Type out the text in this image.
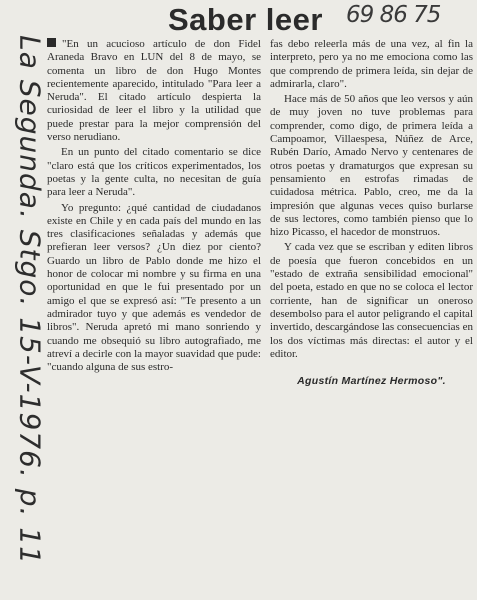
Saber leer 69 86 75
La Segunda. Stgo. 15-V-1976. p. 11	"En un acucioso artículo de don Fidel Araneda Bravo en LUN del 8 de mayo, se comenta un libro de don Hugo Montes recientemente aparecido, intitulado "Para leer a Neruda". El citado artículo despierta la curiosidad de leer el libro y la utilidad que puede prestar para la mejor comprensión del verso nerudiano.

En un punto del citado comentario se dice "claro está que los críticos experimentados, los poetas y la gente culta, no necesitan de guía para leer a Neruda".

Yo pregunto: ¿qué cantidad de ciudadanos existe en Chile y en cada país del mundo en las tres clasificaciones señaladas y además que prefieran leer versos? ¿Un diez por ciento? Guardo un libro de Pablo donde me hizo el honor de colocar mi nombre y su firma en una oportunidad en que le fui presentado por un amigo el que se expresó así: "Te presento a un admirador tuyo y que además es vendedor de libros". Neruda apretó mi mano sonriendo y cuando me obsequió su libro autografiado, me atreví a decirle con la mayor suavidad que pude: "cuando alguna de sus estro-

fas debo releerla más de una vez, al fin la interpreto, pero ya no me emociona como las que comprendo de primera leída, sin dejar de admirarla, claro".

Hace más de 50 años que leo versos y aún de muy joven no tuve problemas para comprender, como digo, de primera leída a Campoamor, Villaespesa, Núñez de Arce, Rubén Darío, Amado Nervo y centenares de otros poetas y dramaturgos que expresan su pensamiento en estrofas rimadas de cuidadosa métrica. Pablo, creo, me da la impresión que algunas veces quiso burlarse de sus lectores, como también pienso que lo hizo Picasso, el hacedor de monstruos.

Y cada vez que se escriban y editen libros de poesía que fueron concebidos en un "estado de extraña sensibilidad emocional" del poeta, estado en que no se coloca el lector corriente, han de significar un oneroso desembolso para el autor peligrando el capital invertido, descargándose las consecuencias en los dos víctimas más directas: el autor y el editor.

Agustín Martínez Hermoso".
